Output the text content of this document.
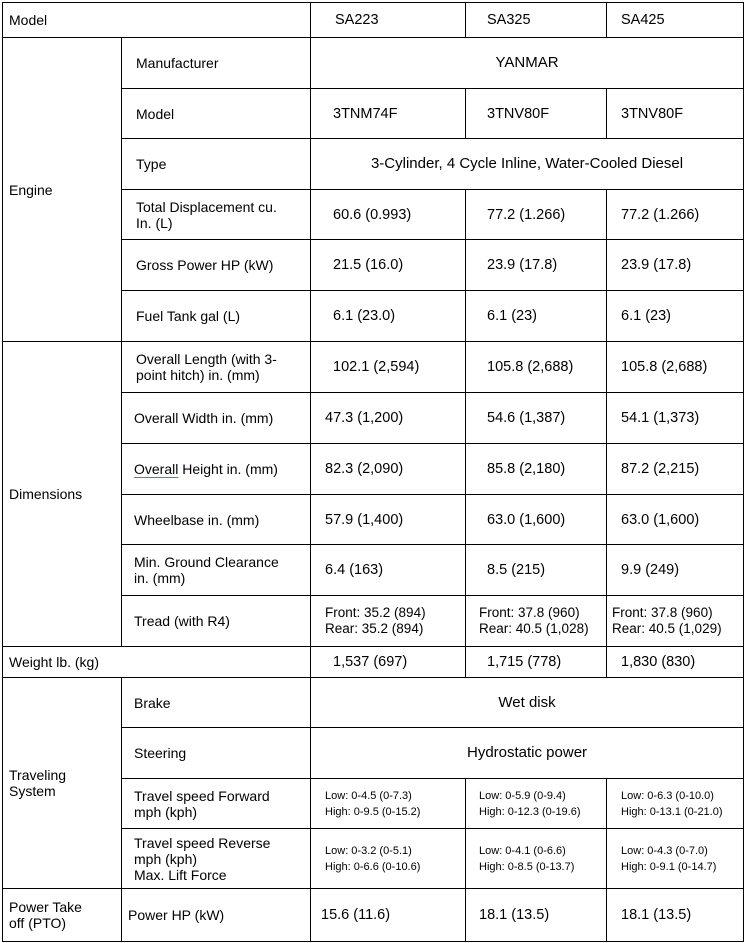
Model		SA223	SA325	SA425
Engine	Manufacturer	YANMAR		
	Model	3TNM74F	3TNV80F	3TNV80F
	Type	3-Cylinder, 4 Cycle Inline, Water-Cooled Diesel		

	Total Displacement cu.
In. (L)	60.6 (0.993)	77.2 (1.266)	77.2 (1.266)
	Gross Power HP (kW)	21.5 (16.0)	23.9 (17.8)	23.9 (17.8)
	Fuel Tank gal (L)	6.1 (23.0)	6.1 (23)	6.1 (23)
Dimensions	Overall Length (with 3-
point hitch) in. (mm)	102.1 (2,594)	105.8 (2,688)	105.8 (2,688)
	Overall Width in. (mm)	47.3 (1,200)	54.6 (1,387)	54.1 (1,373)
	Overall Height in. (mm)	82.3 (2,090)	85.8 (2,180)	87.2 (2,215)
	Wheelbase in. (mm)	57.9 (1,400)	63.0 (1,600)	63.0 (1,600)

	Min. Ground Clearance
in. (mm)	6.4 (163)	8.5 (215)	9.9 (249)
	Tread (with R4)	Front: 35.2 (894)
Rear: 35.2 (894)	Front: 37.8 (960)
Rear: 40.5 (1,028)	Front: 37.8 (960)
Rear: 40.5 (1,029)

Weight lb. (kg)		1,537 (697)	1,715 (778)	1,830 (830)

Traveling
System	Brake	Wet disk		
	Steering	Hydrostatic power		

	Travel speed Forward
mph (kph)	Low: 0-4.5 (0-7.3)
High: 0-9.5 (0-15.2)	Low: 0-5.9 (0-9.4)
High: 0-12.3 (0-19.6)	Low: 0-6.3 (0-10.0)
High: 0-13.1 (0-21.0)

	Travel speed Reverse
mph (kph)
Max. Lift Force	Low: 0-3.2 (0-5.1)
High: 0-6.6 (0-10.6)	Low: 0-4.1 (0-6.6)
High: 0-8.5 (0-13.7)	Low: 0-4.3 (0-7.0)
High: 0-9.1 (0-14.7)

Power Take
off (PTO)	Power HP (kW)	15.6 (11.6)	18.1 (13.5)	18.1 (13.5)
